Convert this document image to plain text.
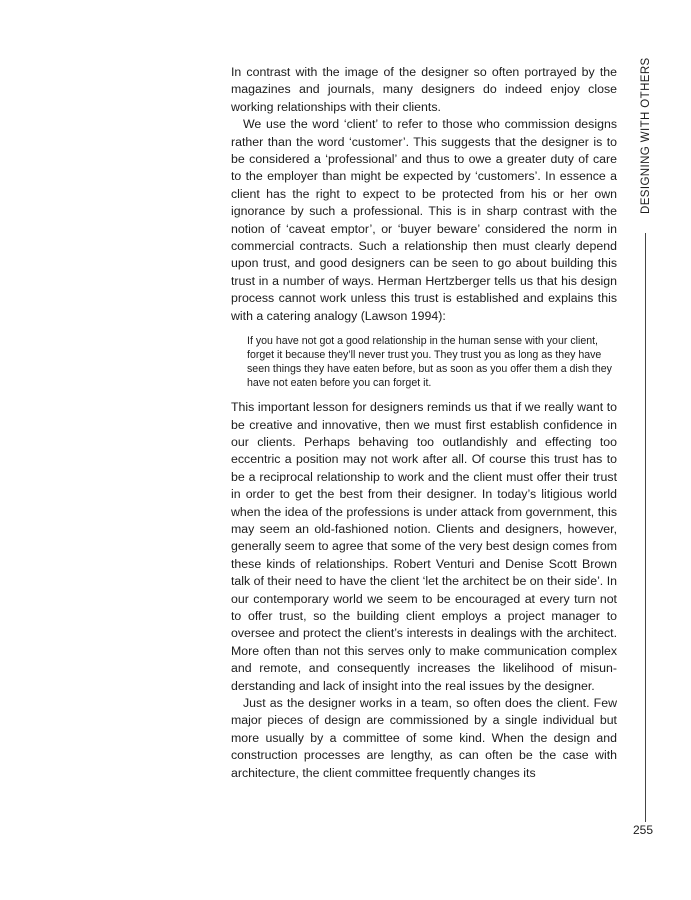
In contrast with the image of the designer so often portrayed by the magazines and journals, many designers do indeed enjoy close working relationships with their clients.

We use the word ‘client’ to refer to those who commission designs rather than the word ‘customer’. This suggests that the designer is to be considered a ‘professional’ and thus to owe a greater duty of care to the employer than might be expected by ‘customers’. In essence a client has the right to expect to be protected from his or her own ignorance by such a professional. This is in sharp contrast with the notion of ‘caveat emptor’, or ‘buyer beware’ considered the norm in commercial contracts. Such a relationship then must clearly depend upon trust, and good designers can be seen to go about building this trust in a number of ways. Herman Hertzberger tells us that his design process cannot work unless this trust is established and explains this with a catering analogy (Lawson 1994):

If you have not got a good relationship in the human sense with your client, forget it because they’ll never trust you. They trust you as long as they have seen things they have eaten before, but as soon as you offer them a dish they have not eaten before you can forget it.

This important lesson for designers reminds us that if we really want to be creative and innovative, then we must first establish confidence in our clients. Perhaps behaving too outlandishly and effecting too eccentric a position may not work after all. Of course this trust has to be a reciprocal relationship to work and the client must offer their trust in order to get the best from their designer. In today’s litigious world when the idea of the professions is under attack from government, this may seem an old-fashioned notion. Clients and designers, however, generally seem to agree that some of the very best design comes from these kinds of relationships. Robert Venturi and Denise Scott Brown talk of their need to have the client ‘let the architect be on their side’. In our contemporary world we seem to be encouraged at every turn not to offer trust, so the building client employs a project manager to oversee and protect the client’s interests in dealings with the architect. More often than not this serves only to make communication complex and remote, and consequently increases the likelihood of misunderstanding and lack of insight into the real issues by the designer.

Just as the designer works in a team, so often does the client. Few major pieces of design are commissioned by a single individual but more usually by a committee of some kind. When the design and construction processes are lengthy, as can often be the case with architecture, the client committee frequently changes its

DESIGNING WITH OTHERS
255
